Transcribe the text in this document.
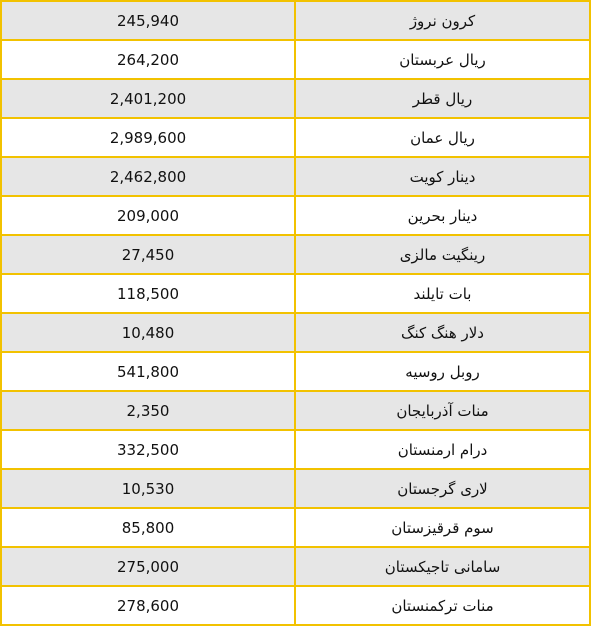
245,940	کرون نروژ
264,200	ریال عربستان
2,401,200	ریال قطر
2,989,600	ریال عمان
2,462,800	دینار کویت
209,000	دینار بحرین
27,450	رینگیت مالزی
118,500	بات تایلند
10,480	دلار هنگ کنگ
541,800	روبل روسیه
2,350	منات آذربایجان
332,500	درام ارمنستان
10,530	لاری گرجستان
85,800	سوم قرقیزستان
275,000	سامانی تاجیکستان
278,600	منات ترکمنستان
